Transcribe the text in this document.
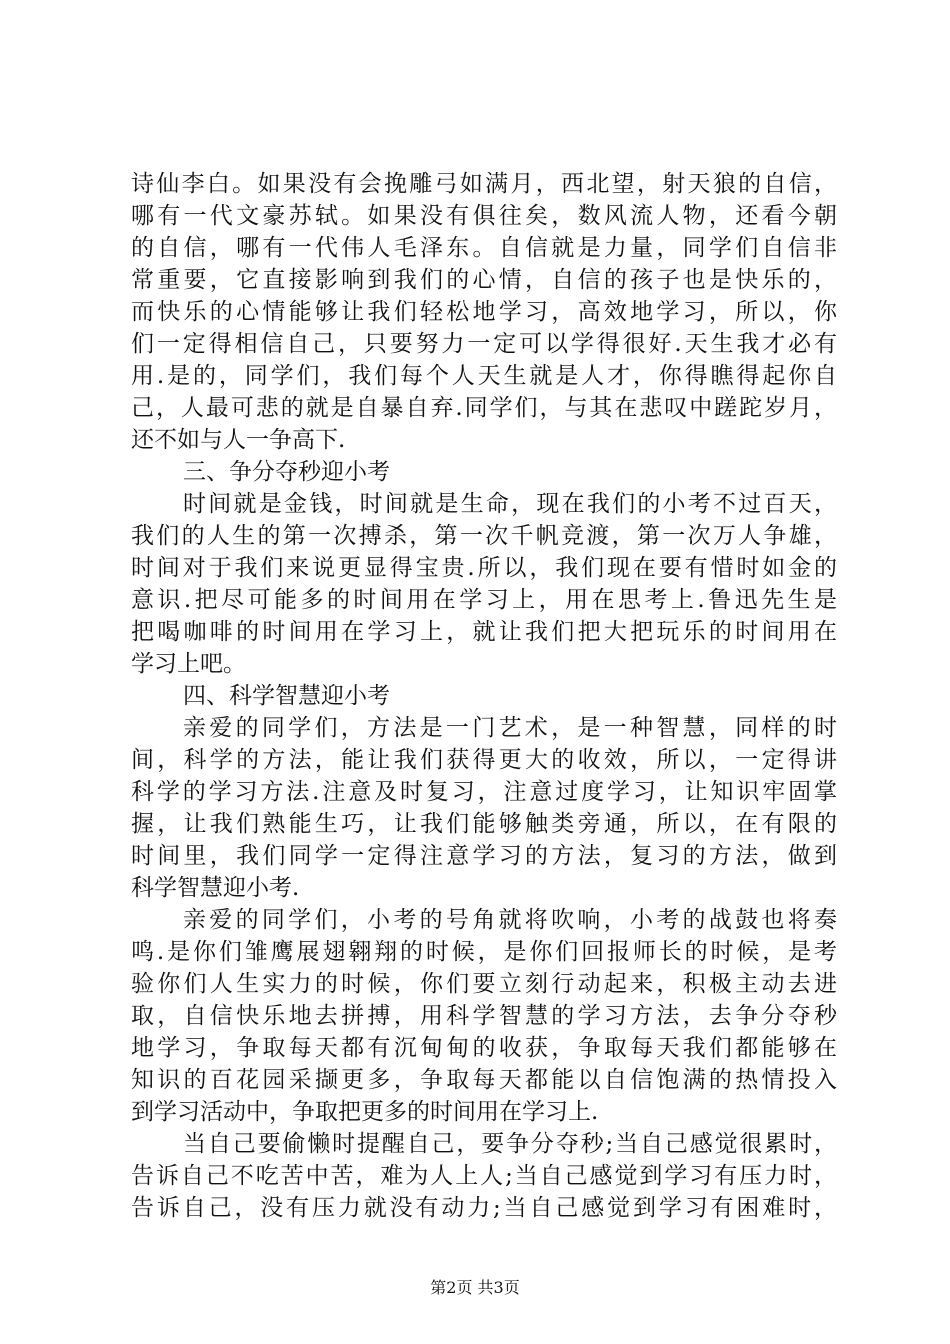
诗仙李白。如果没有会挽雕弓如满月，西北望，射天狼的自信，
哪有一代文豪苏轼。如果没有俱往矣，数风流人物，还看今朝
的自信，哪有一代伟人毛泽东。自信就是力量，同学们自信非
常重要，它直接影响到我们的心情，自信的孩子也是快乐的，
而快乐的心情能够让我们轻松地学习，高效地学习，所以，你
们一定得相信自己，只要努力一定可以学得很好.天生我才必有
用.是的，同学们，我们每个人天生就是人才，你得瞧得起你自
己，人最可悲的就是自暴自弃.同学们，与其在悲叹中蹉跎岁月，
还不如与人一争高下.
三、争分夺秒迎小考
时间就是金钱，时间就是生命，现在我们的小考不过百天，
我们的人生的第一次搏杀，第一次千帆竞渡，第一次万人争雄，
时间对于我们来说更显得宝贵.所以，我们现在要有惜时如金的
意识.把尽可能多的时间用在学习上，用在思考上.鲁迅先生是
把喝咖啡的时间用在学习上，就让我们把大把玩乐的时间用在
学习上吧。
四、科学智慧迎小考
亲爱的同学们，方法是一门艺术，是一种智慧，同样的时
间，科学的方法，能让我们获得更大的收效，所以，一定得讲
科学的学习方法.注意及时复习，注意过度学习，让知识牢固掌
握，让我们熟能生巧，让我们能够触类旁通，所以，在有限的
时间里，我们同学一定得注意学习的方法，复习的方法，做到
科学智慧迎小考.
亲爱的同学们，小考的号角就将吹响，小考的战鼓也将奏
鸣.是你们雏鹰展翅翱翔的时候，是你们回报师长的时候，是考
验你们人生实力的时候，你们要立刻行动起来，积极主动去进
取，自信快乐地去拼搏，用科学智慧的学习方法，去争分夺秒
地学习，争取每天都有沉甸甸的收获，争取每天我们都能够在
知识的百花园采撷更多，争取每天都能以自信饱满的热情投入
到学习活动中，争取把更多的时间用在学习上.
当自己要偷懒时提醒自己，要争分夺秒;当自己感觉很累时，
告诉自己不吃苦中苦，难为人上人;当自己感觉到学习有压力时，
告诉自己，没有压力就没有动力;当自己感觉到学习有困难时，
第2页 共3页
